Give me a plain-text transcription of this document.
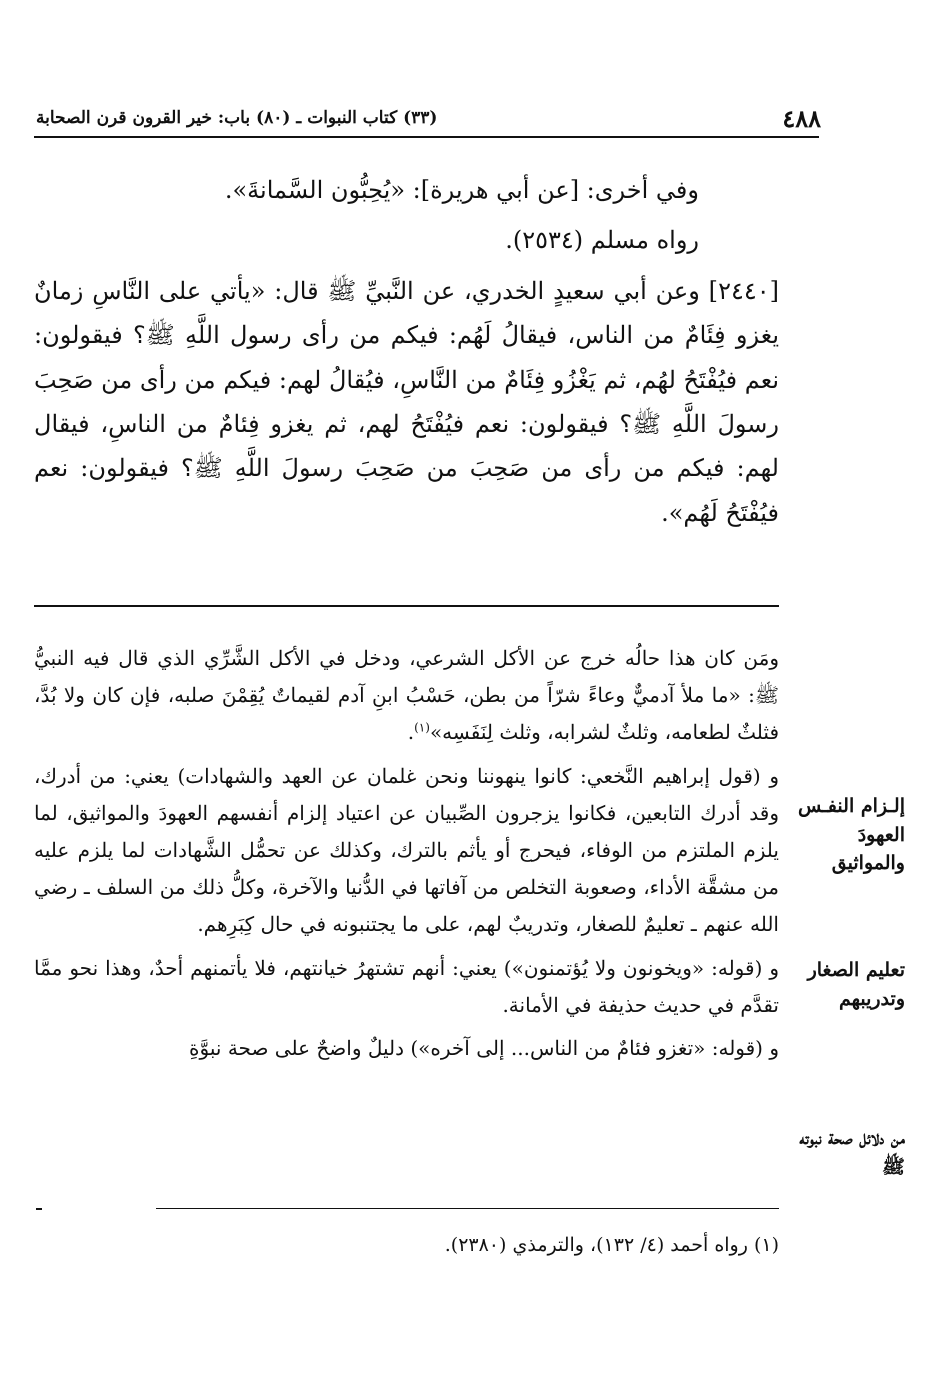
٤٨٨
(٣٣) كتاب النبوات ـ (٨٠) باب: خير القرون قرن الصحابة

وفي أخرى: [عن أبي هريرة]: «يُحِبُّون السَّمانةَ».

رواه مسلم (٢٥٣٤).

[٢٤٤٠] وعن أبي سعيدٍ الخدري، عن النَّبيِّ ﷺ قال: «يأتي على النَّاسِ زمانٌ يغزو فِئَامٌ من الناس، فيقالُ لَهُم: فيكم من رأى رسول اللَّهِ ﷺ؟ فيقولون: نعم فيُفْتَحُ لهُم، ثم يَغْزُو فِئَامٌ من النَّاسِ، فيُقالُ لهم: فيكم من رأى من صَحِبَ رسولَ اللَّهِ ﷺ؟ فيقولون: نعم فيُفْتَحُ لهم، ثم يغزو فِئامٌ من الناسِ، فيقال لهم: فيكم من رأى من صَحِبَ من صَحِبَ رسولَ اللَّهِ ﷺ؟ فيقولون: نعم فيُفْتَحُ لَهُم».

ومَن كان هذا حالُه خرج عن الأكل الشرعي، ودخل في الأكل الشَّرِّي الذي قال فيه النبيُّ ﷺ: «ما ملأ آدميٌّ وعاءً شرّاً من بطن، حَسْبُ ابنِ آدم لقيماتٌ يُقِمْنَ صلبه، فإن كان ولا بُدَّ، فثلثٌ لطعامه، وثلثٌ لشرابه، وثلث لِنَفَسِه»$^{(١)}$.

و (قول إبراهيم النَّخعي: كانوا ينهوننا ونحن غلمان عن العهد والشهادات) يعني: من أدرك، وقد أدرك التابعين، فكانوا يزجرون الصِّبيان عن اعتياد إلزام أنفسهم العهودَ والمواثيق، لما يلزم الملتزم من الوفاء، فيحرج أو يأثم بالترك، وكذلك عن تحمُّل الشَّهادات لما يلزم عليه من مشقَّة الأداء، وصعوبة التخلص من آفاتها في الدُّنيا والآخرة، وكلُّ ذلك من السلف ـ رضي الله عنهم ـ تعليمٌ للصغار، وتدريبٌ لهم، على ما يجتنبونه في حال كِبَرِهم.

و (قوله: «ويخونون ولا يُؤتمنون») يعني: أنهم تشتهرُ خيانتهم، فلا يأتمنهم أحدٌ، وهذا نحو ممَّا تقدَّم في حديث حذيفة في الأمانة.

و (قوله: «تغزو فئامٌ من الناس... إلى آخره») دليلٌ واضحٌ على صحة نبوَّةِ

إلـزام النفـس العهودَ والمواثيق
تعليم الصغار وتدريبهم
من دلائل صحة نبوته ﷺ
(١) رواه أحمد (٤/ ١٣٢)، والترمذي (٢٣٨٠).
